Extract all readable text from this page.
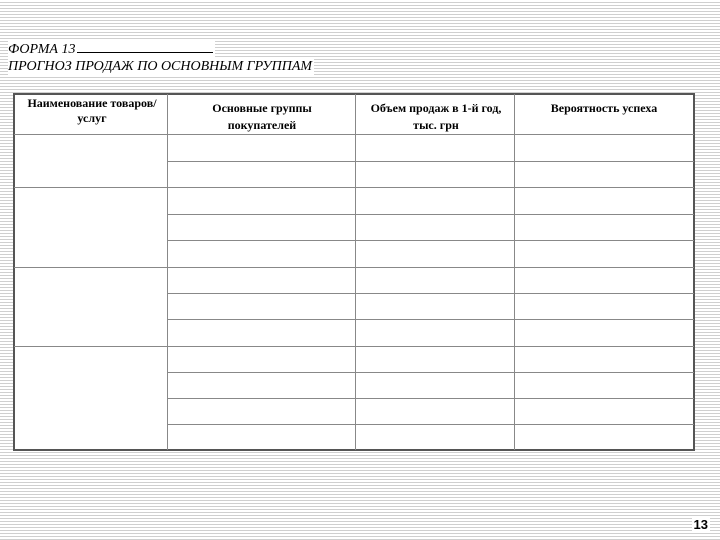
ФОРМА 13
ПРОГНОЗ ПРОДАЖ ПО ОСНОВНЫМ ГРУППАМ
Наименование товаров/услуг
Основные группы покупателей
Объем продаж в 1-й год, тыс. грн
Вероятность успеха
13
